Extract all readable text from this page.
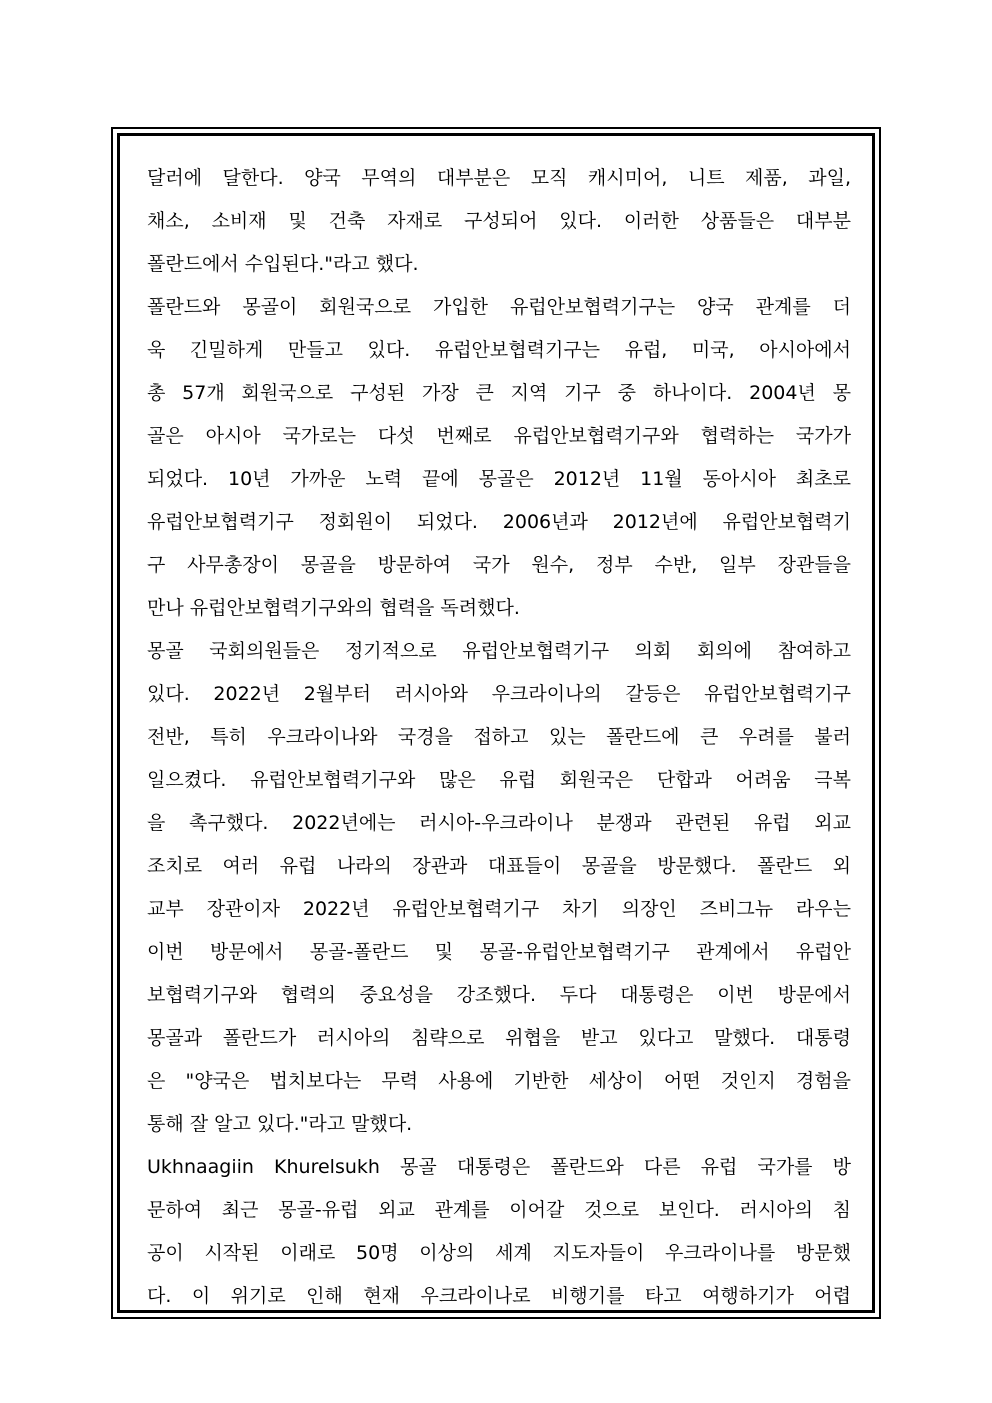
달러에 달한다. 양국 무역의 대부분은 모직 캐시미어, 니트 제품, 과일,
채소, 소비재 및 건축 자재로 구성되어 있다. 이러한 상품들은 대부분
폴란드에서 수입된다."라고 했다.
폴란드와 몽골이 회원국으로 가입한 유럽안보협력기구는 양국 관계를 더
욱 긴밀하게 만들고 있다. 유럽안보협력기구는 유럽, 미국, 아시아에서
총 57개 회원국으로 구성된 가장 큰 지역 기구 중 하나이다. 2004년 몽
골은 아시아 국가로는 다섯 번째로 유럽안보협력기구와 협력하는 국가가
되었다. 10년 가까운 노력 끝에 몽골은 2012년 11월 동아시아 최초로
유럽안보협력기구 정회원이 되었다. 2006년과 2012년에 유럽안보협력기
구 사무총장이 몽골을 방문하여 국가 원수, 정부 수반, 일부 장관들을
만나 유럽안보협력기구와의 협력을 독려했다.
몽골 국회의원들은 정기적으로 유럽안보협력기구 의회 회의에 참여하고
있다. 2022년 2월부터 러시아와 우크라이나의 갈등은 유럽안보협력기구
전반, 특히 우크라이나와 국경을 접하고 있는 폴란드에 큰 우려를 불러
일으켰다. 유럽안보협력기구와 많은 유럽 회원국은 단합과 어려움 극복
을 촉구했다. 2022년에는 러시아-우크라이나 분쟁과 관련된 유럽 외교
조치로 여러 유럽 나라의 장관과 대표들이 몽골을 방문했다. 폴란드 외
교부 장관이자 2022년 유럽안보협력기구 차기 의장인 즈비그뉴 라우는
이번 방문에서 몽골-폴란드 및 몽골-유럽안보협력기구 관계에서 유럽안
보협력기구와 협력의 중요성을 강조했다. 두다 대통령은 이번 방문에서
몽골과 폴란드가 러시아의 침략으로 위협을 받고 있다고 말했다. 대통령
은 "양국은 법치보다는 무력 사용에 기반한 세상이 어떤 것인지 경험을
통해 잘 알고 있다."라고 말했다.
Ukhnaagiin Khurelsukh 몽골 대통령은 폴란드와 다른 유럽 국가를 방
문하여 최근 몽골-유럽 외교 관계를 이어갈 것으로 보인다. 러시아의 침
공이 시작된 이래로 50명 이상의 세계 지도자들이 우크라이나를 방문했
다. 이 위기로 인해 현재 우크라이나로 비행기를 타고 여행하기가 어렵
